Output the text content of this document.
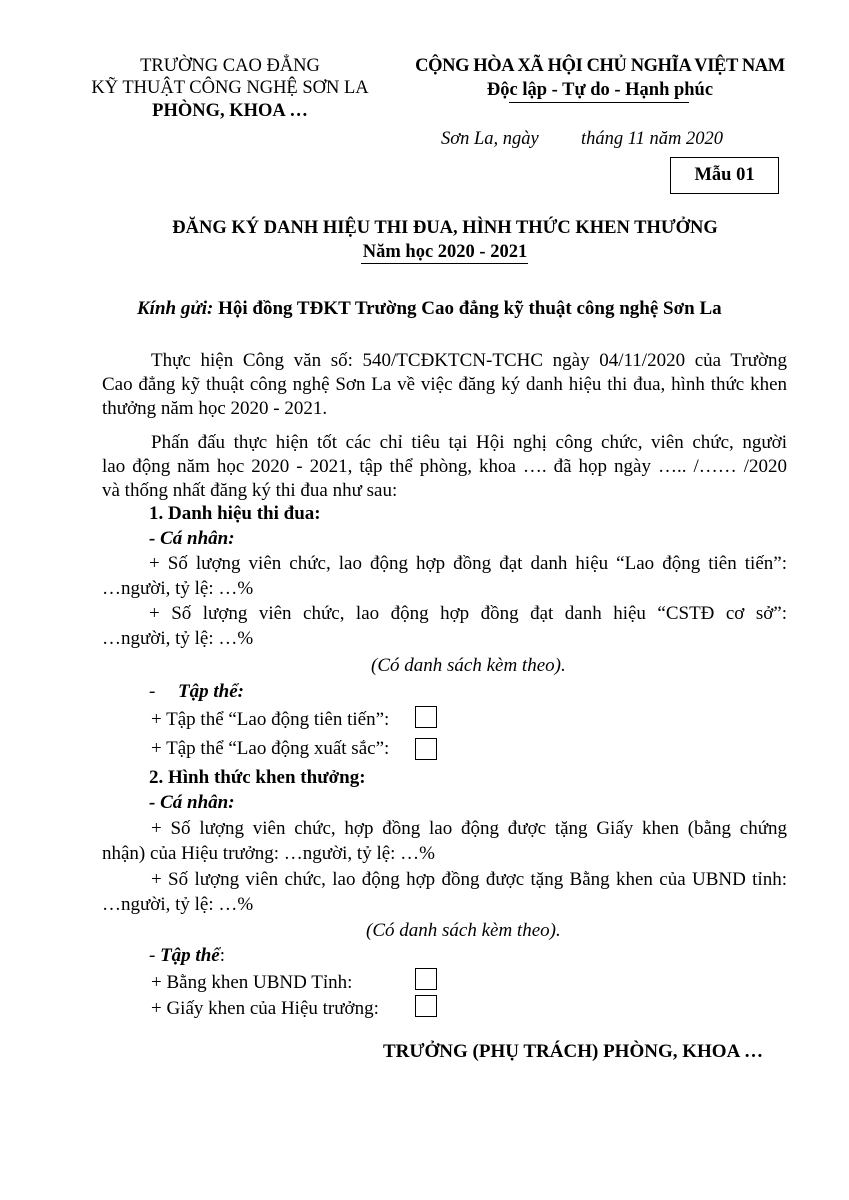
TRƯỜNG CAO ĐẲNG
KỸ THUẬT CÔNG NGHỆ SƠN LA
PHÒNG, KHOA …
CỘNG HÒA XÃ HỘI CHỦ NGHĨA VIỆT NAM
Độc lập - Tự do - Hạnh phúc
Sơn La, ngày tháng 11 năm 2020
Mẫu 01
ĐĂNG KÝ DANH HIỆU THI ĐUA, HÌNH THỨC KHEN THƯỞNG
Năm học 2020 - 2021
Kính gửi: Hội đồng TĐKT Trường Cao đẳng kỹ thuật công nghệ Sơn La
Thực hiện Công văn số: 540/TCĐKTCN-TCHC ngày 04/11/2020 của Trường
Cao đẳng kỹ thuật công nghệ Sơn La về việc đăng ký danh hiệu thi đua, hình thức khen
thưởng năm học 2020 - 2021.
Phấn đấu thực hiện tốt các chỉ tiêu tại Hội nghị công chức, viên chức, người
lao động năm học 2020 - 2021, tập thể phòng, khoa …. đã họp ngày ….. /…… /2020
và thống nhất đăng ký thi đua như sau:
1. Danh hiệu thi đua:
- Cá nhân:
+ Số lượng viên chức, lao động hợp đồng đạt danh hiệu “Lao động tiên tiến”:
…người, tỷ lệ: …%
+ Số lượng viên chức, lao động hợp đồng đạt danh hiệu “CSTĐ cơ sở”:
…người, tỷ lệ: …%
(Có danh sách kèm theo).
- Tập thể:
+ Tập thể “Lao động tiên tiến”:
+ Tập thể “Lao động xuất sắc”:
2. Hình thức khen thưởng:
- Cá nhân:
+ Số lượng viên chức, hợp đồng lao động được tặng Giấy khen (bằng chứng
nhận) của Hiệu trưởng: …người, tỷ lệ: …%
+ Số lượng viên chức, lao động hợp đồng được tặng Bằng khen của UBND tỉnh:
…người, tỷ lệ: …%
(Có danh sách kèm theo).
- Tập thể:
+ Bằng khen UBND Tỉnh:
+ Giấy khen của Hiệu trưởng:
TRƯỞNG (PHỤ TRÁCH) PHÒNG, KHOA …
